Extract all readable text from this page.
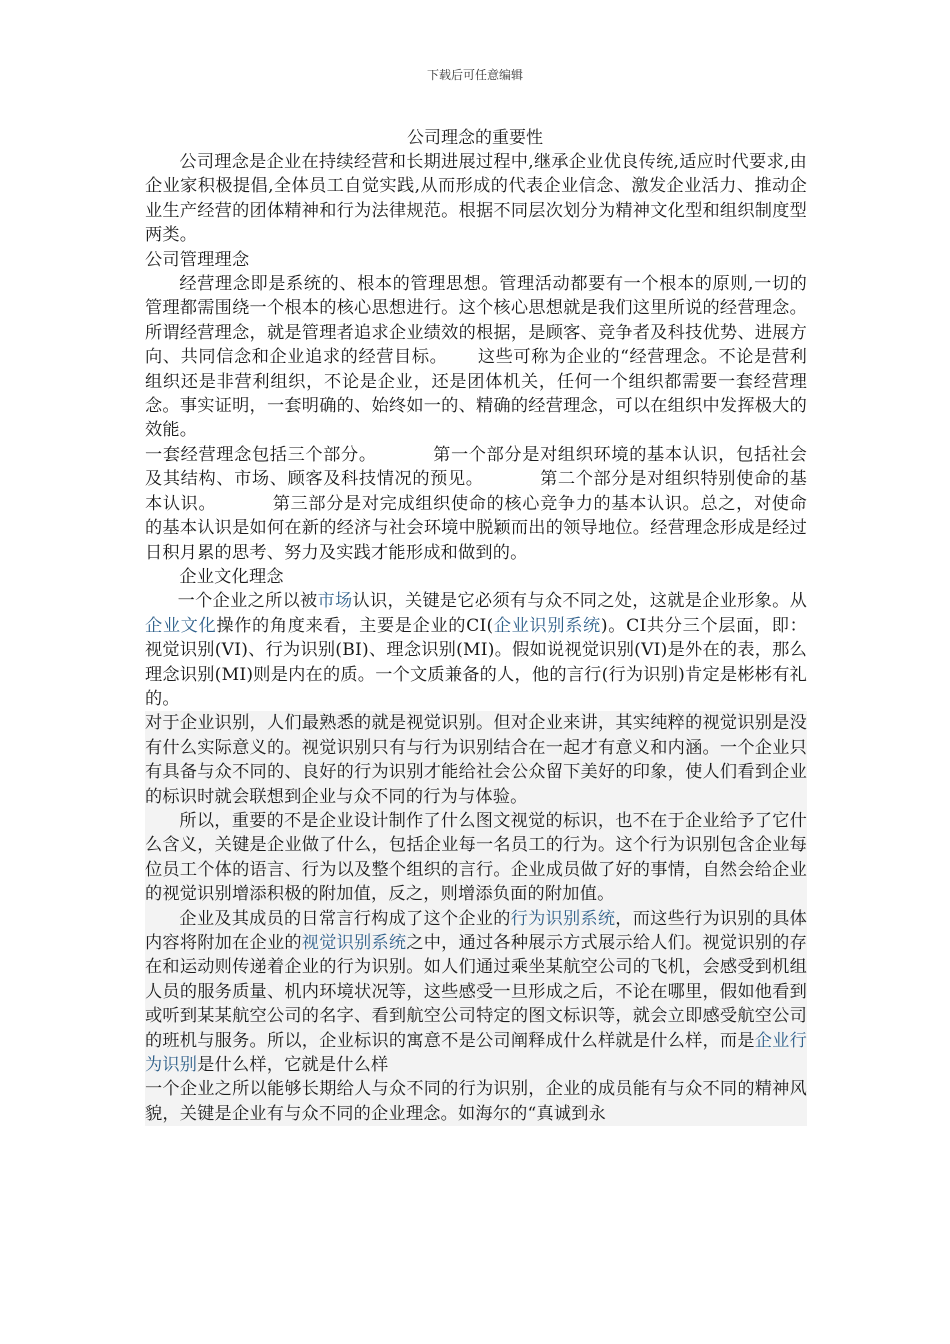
下载后可任意编辑
公司理念的重要性

公司理念是企业在持续经营和长期进展过程中,继承企业优良传统,适应时代要求,由企业家积极提倡,全体员工自觉实践,从而形成的代表企业信念、激发企业活力、推动企业生产经营的团体精神和行为法律规范。根据不同层次划分为精神文化型和组织制度型两类。

公司管理理念

经营理念即是系统的、根本的管理思想。管理活动都要有一个根本的原则,一切的管理都需围绕一个根本的核心思想进行。这个核心思想就是我们这里所说的经营理念。所谓经营理念，就是管理者追求企业绩效的根据，是顾客、竞争者及科技优势、进展方向、共同信念和企业追求的经营目标。 这些可称为企业的“经营理念。不论是营利组织还是非营利组织，不论是企业，还是团体机关，任何一个组织都需要一套经营理念。事实证明，一套明确的、始终如一的、精确的经营理念，可以在组织中发挥极大的效能。

一套经营理念包括三个部分。	第一个部分是对组织环境的基本认识，包括社会及其结构、市场、顾客及科技情况的预见。	第二个部分是对组织特别使命的基本认识。	第三部分是对完成组织使命的核心竞争力的基本认识。总之，对使命的基本认识是如何在新的经济与社会环境中脱颖而出的领导地位。经营理念形成是经过日积月累的思考、努力及实践才能形成和做到的。

企业文化理念

一个企业之所以被市场认识，关键是它必须有与众不同之处，这就是企业形象。从企业文化操作的角度来看，主要是企业的CI(企业识别系统)。CI共分三个层面，即：视觉识别(VI)、行为识别(BI)、理念识别(MI)。假如说视觉识别(VI)是外在的表，那么理念识别(MI)则是内在的质。一个文质兼备的人，他的言行(行为识别)肯定是彬彬有礼的。

对于企业识别，人们最熟悉的就是视觉识别。但对企业来讲，其实纯粹的视觉识别是没有什么实际意义的。视觉识别只有与行为识别结合在一起才有意义和内涵。一个企业只有具备与众不同的、良好的行为识别才能给社会公众留下美好的印象，使人们看到企业的标识时就会联想到企业与众不同的行为与体验。

所以，重要的不是企业设计制作了什么图文视觉的标识，也不在于企业给予了它什么含义，关键是企业做了什么，包括企业每一名员工的行为。这个行为识别包含企业每位员工个体的语言、行为以及整个组织的言行。企业成员做了好的事情，自然会给企业的视觉识别增添积极的附加值，反之，则增添负面的附加值。

企业及其成员的日常言行构成了这个企业的行为识别系统，而这些行为识别的具体内容将附加在企业的视觉识别系统之中，通过各种展示方式展示给人们。视觉识别的存在和运动则传递着企业的行为识别。如人们通过乘坐某航空公司的飞机，会感受到机组人员的服务质量、机内环境状况等，这些感受一旦形成之后，不论在哪里，假如他看到或听到某某航空公司的名字、看到航空公司特定的图文标识等，就会立即感受航空公司的班机与服务。所以，企业标识的寓意不是公司阐释成什么样就是什么样，而是企业行为识别是什么样，它就是什么样

一个企业之所以能够长期给人与众不同的行为识别，企业的成员能有与众不同的精神风貌，关键是企业有与众不同的企业理念。如海尔的“真诚到永
